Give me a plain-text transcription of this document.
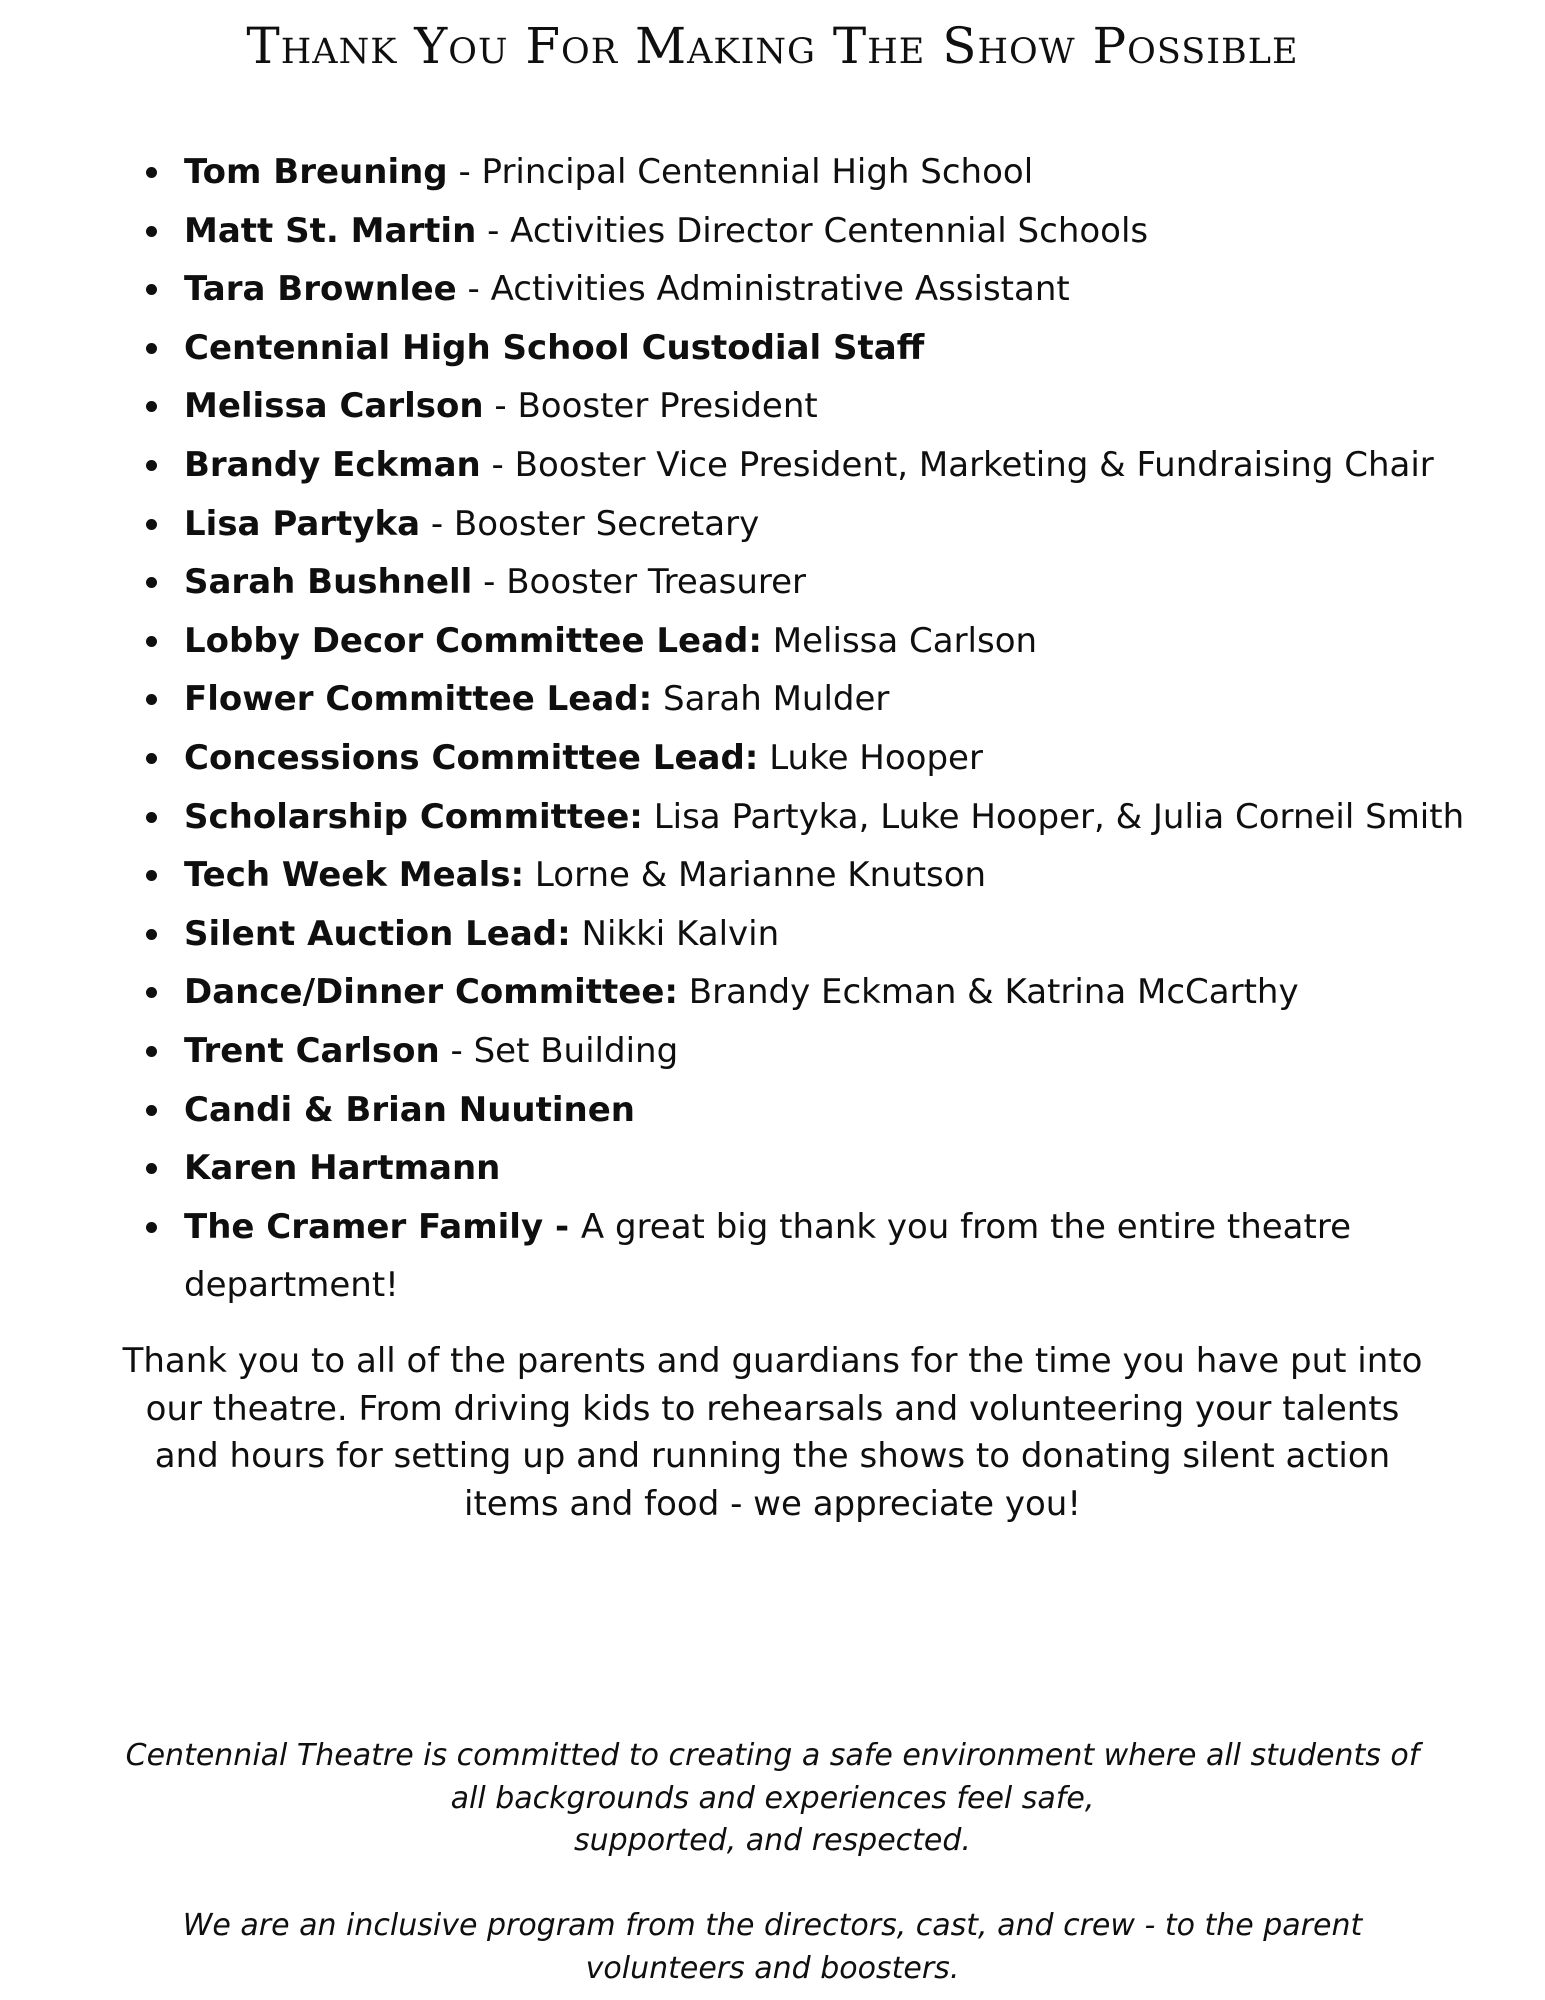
Thank You For Making The Show Possible
Tom Breuning - Principal Centennial High School
Matt St. Martin - Activities Director Centennial Schools
Tara Brownlee - Activities Administrative Assistant
Centennial High School Custodial Staff
Melissa Carlson - Booster President
Brandy Eckman - Booster Vice President, Marketing & Fundraising Chair
Lisa Partyka - Booster Secretary
Sarah Bushnell - Booster Treasurer
Lobby Decor Committee Lead: Melissa Carlson
Flower Committee Lead: Sarah Mulder
Concessions Committee Lead: Luke Hooper
Scholarship Committee: Lisa Partyka, Luke Hooper, & Julia Corneil Smith
Tech Week Meals: Lorne & Marianne Knutson
Silent Auction Lead: Nikki Kalvin
Dance/Dinner Committee: Brandy Eckman & Katrina McCarthy
Trent Carlson - Set Building
Candi & Brian Nuutinen
Karen Hartmann
The Cramer Family - A great big thank you from the entire theatre department!

Thank you to all of the parents and guardians for the time you have put into our theatre. From driving kids to rehearsals and volunteering your talents and hours for setting up and running the shows to donating silent action items and food - we appreciate you!

Centennial Theatre is committed to creating a safe environment where all students of all backgrounds and experiences feel safe,

supported, and respected.

We are an inclusive program from the directors, cast, and crew - to the parent volunteers and boosters.
